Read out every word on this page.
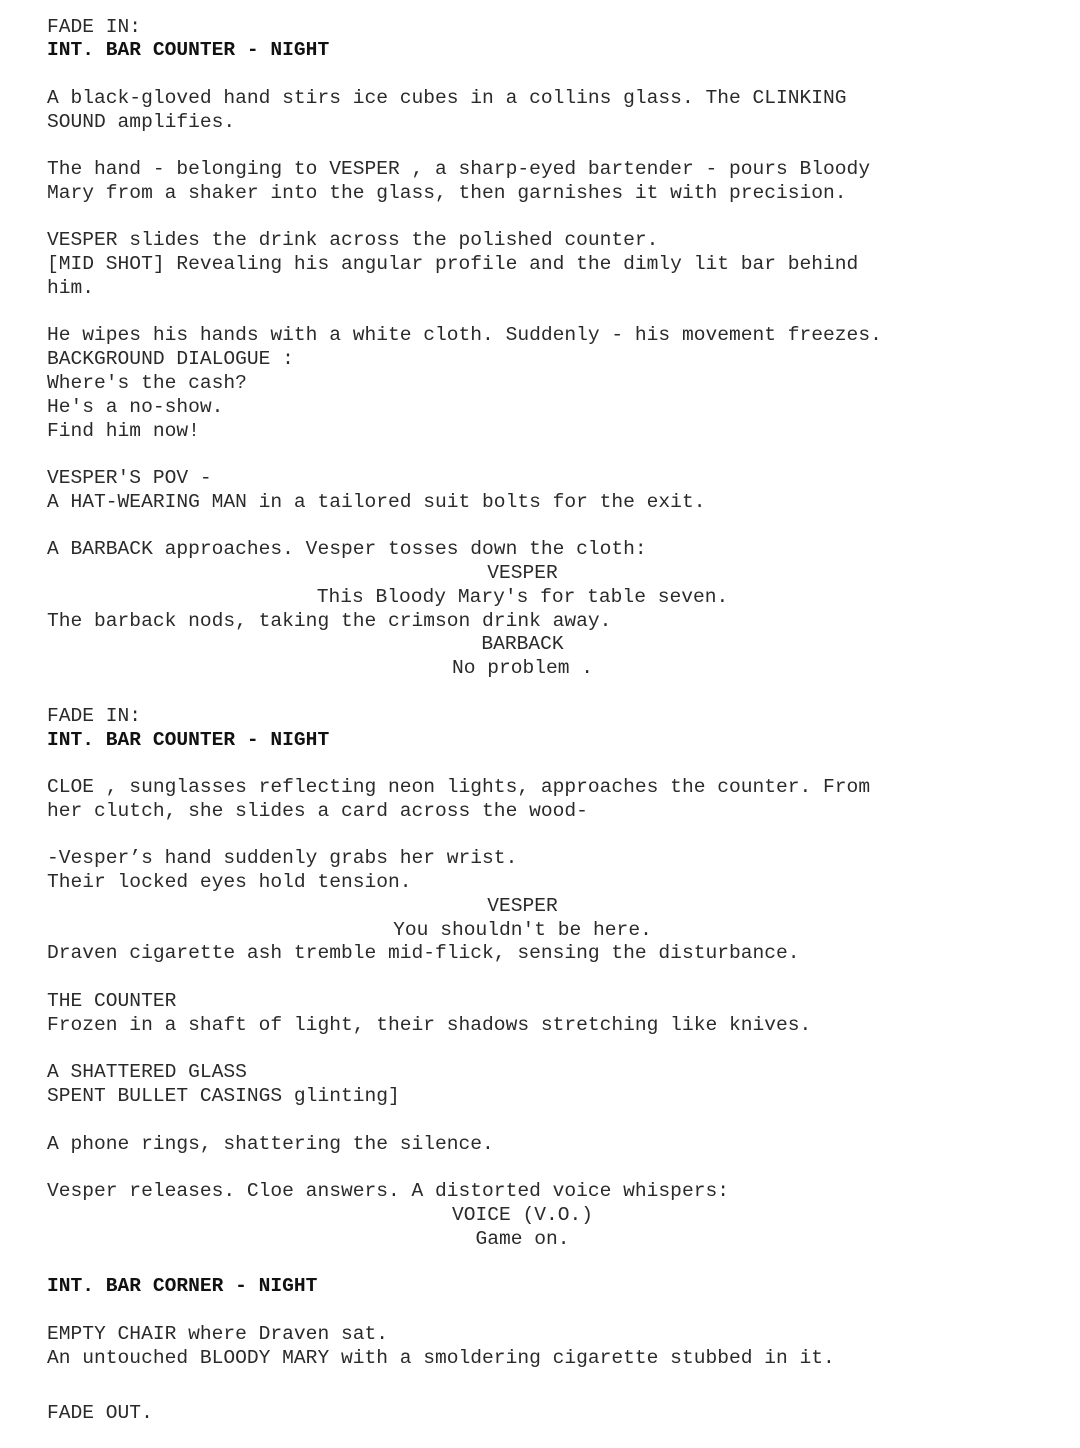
FADE IN:
INT. BAR COUNTER - NIGHT
A black-gloved hand stirs ice cubes in a collins glass. The CLINKING
SOUND amplifies.
The hand - belonging to VESPER , a sharp-eyed bartender - pours Bloody
Mary from a shaker into the glass, then garnishes it with precision.
VESPER slides the drink across the polished counter.
[MID SHOT] Revealing his angular profile and the dimly lit bar behind
him.
He wipes his hands with a white cloth. Suddenly - his movement freezes.
BACKGROUND DIALOGUE :
Where's the cash?
He's a no-show.
Find him now!
VESPER'S POV -
A HAT-WEARING MAN in a tailored suit bolts for the exit.
A BARBACK approaches. Vesper tosses down the cloth:
VESPER
This Bloody Mary's for table seven.
The barback nods, taking the crimson drink away.
BARBACK
No problem .
FADE IN:
INT. BAR COUNTER - NIGHT
CLOE , sunglasses reflecting neon lights, approaches the counter. From
her clutch, she slides a card across the wood-
-Vesper’s hand suddenly grabs her wrist.
Their locked eyes hold tension.
VESPER
You shouldn't be here.
Draven cigarette ash tremble mid-flick, sensing the disturbance.
THE COUNTER
Frozen in a shaft of light, their shadows stretching like knives.
A SHATTERED GLASS
SPENT BULLET CASINGS glinting]
A phone rings, shattering the silence.
Vesper releases. Cloe answers. A distorted voice whispers:
VOICE (V.O.)
Game on.
INT. BAR CORNER - NIGHT
EMPTY CHAIR where Draven sat.
An untouched BLOODY MARY with a smoldering cigarette stubbed in it.
FADE OUT.
